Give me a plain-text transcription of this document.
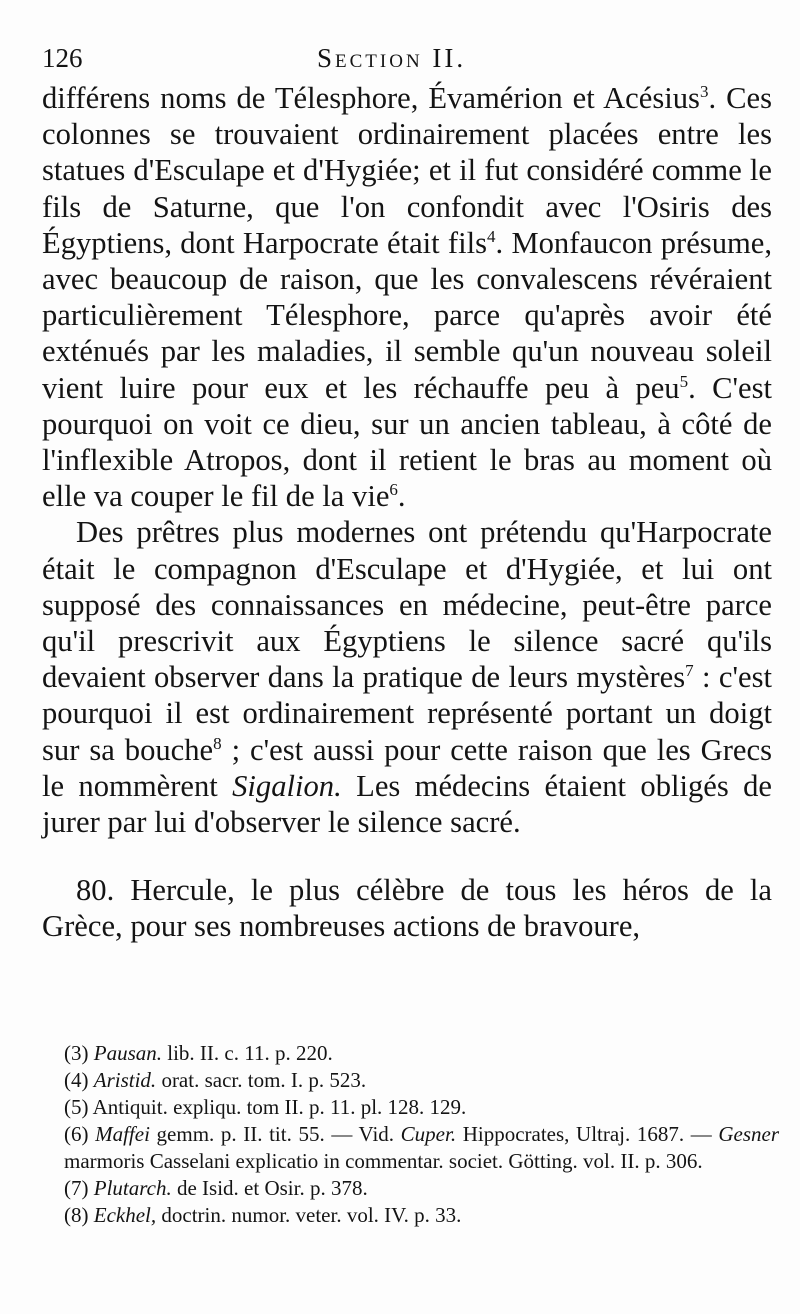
126	Section II.

différens noms de Télesphore, Évamérion et Acésius$^3$. Ces colonnes se trouvaient ordinairement placées entre les statues d'Esculape et d'Hygiée; et il fut considéré comme le fils de Saturne, que l'on confondit avec l'Osiris des Égyptiens, dont Harpocrate était fils$^4$. Monfaucon présume, avec beaucoup de raison, que les convalescens révéraient particulièrement Télesphore, parce qu'après avoir été exténués par les maladies, il semble qu'un nouveau soleil vient luire pour eux et les réchauffe peu à peu$^5$. C'est pourquoi on voit ce dieu, sur un ancien tableau, à côté de l'inflexible Atropos, dont il retient le bras au moment où elle va couper le fil de la vie$^6$.

Des prêtres plus modernes ont prétendu qu'Harpocrate était le compagnon d'Esculape et d'Hygiée, et lui ont supposé des connaissances en médecine, peut-être parce qu'il prescrivit aux Égyptiens le silence sacré qu'ils devaient observer dans la pratique de leurs mystères$^7$ : c'est pourquoi il est ordinairement représenté portant un doigt sur sa bouche$^8$ ; c'est aussi pour cette raison que les Grecs le nommèrent Sigalion. Les médecins étaient obligés de jurer par lui d'observer le silence sacré.

80. Hercule, le plus célèbre de tous les héros de la Grèce, pour ses nombreuses actions de bravoure,

(3) Pausan. lib. II. c. 11. p. 220.
(4) Aristid. orat. sacr. tom. I. p. 523.
(5) Antiquit. expliqu. tom II. p. 11. pl. 128. 129.
(6) Maffei gemm. p. II. tit. 55. — Vid. Cuper. Hippocrates, Ultraj. 1687. — Gesner marmoris Casselani explicatio in commentar. societ. Götting. vol. II. p. 306.
(7) Plutarch. de Isid. et Osir. p. 378.
(8) Eckhel, doctrin. numor. veter. vol. IV. p. 33.
